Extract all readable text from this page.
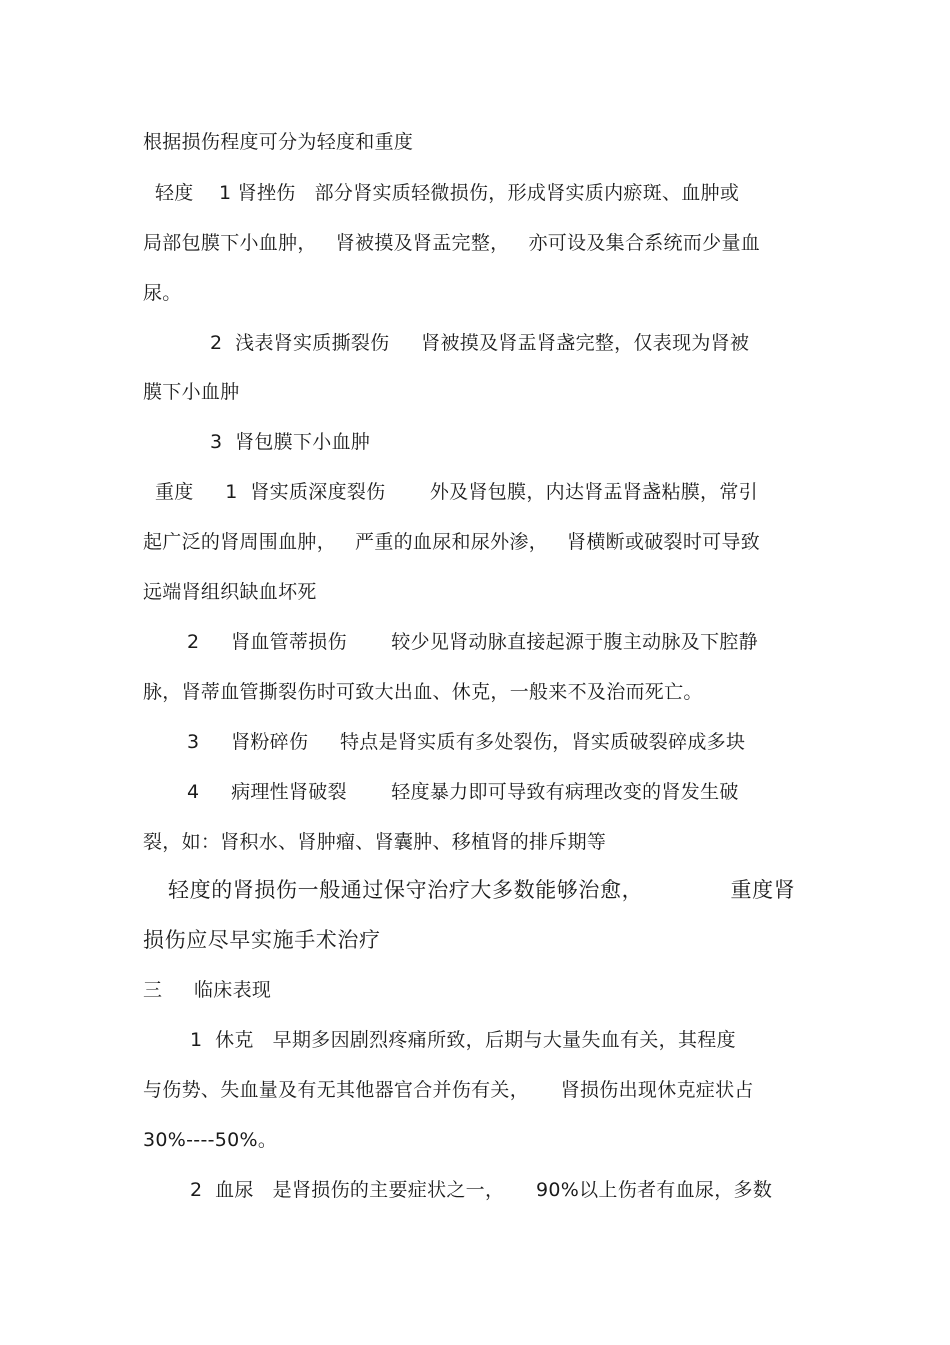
根据损伤程度可分为轻度和重度
轻度    1 肾挫伤   部分肾实质轻微损伤，形成肾实质内瘀斑、血肿或
局部包膜下小血肿，   肾被摸及肾盂完整，   亦可设及集合系统而少量血
尿。
2  浅表肾实质撕裂伤     肾被摸及肾盂肾盏完整，仅表现为肾被
膜下小血肿
3  肾包膜下小血肿
重度     1  肾实质深度裂伤       外及肾包膜，内达肾盂肾盏粘膜，常引
起广泛的肾周围血肿，   严重的血尿和尿外渗，   肾横断或破裂时可导致
远端肾组织缺血坏死
2     肾血管蒂损伤       较少见肾动脉直接起源于腹主动脉及下腔静
脉，肾蒂血管撕裂伤时可致大出血、休克，一般来不及治而死亡。
3     肾粉碎伤     特点是肾实质有多处裂伤，肾实质破裂碎成多块
4     病理性肾破裂       轻度暴力即可导致有病理改变的肾发生破
裂，如：肾积水、肾肿瘤、肾囊肿、移植肾的排斥期等
轻度的肾损伤一般通过保守治疗大多数能够治愈，            重度肾
损伤应尽早实施手术治疗
三     临床表现
1  休克   早期多因剧烈疼痛所致，后期与大量失血有关，其程度
与伤势、失血量及有无其他器官合并伤有关，     肾损伤出现休克症状占
30%----50%。
2  血尿   是肾损伤的主要症状之一，     90%以上伤者有血尿，多数
